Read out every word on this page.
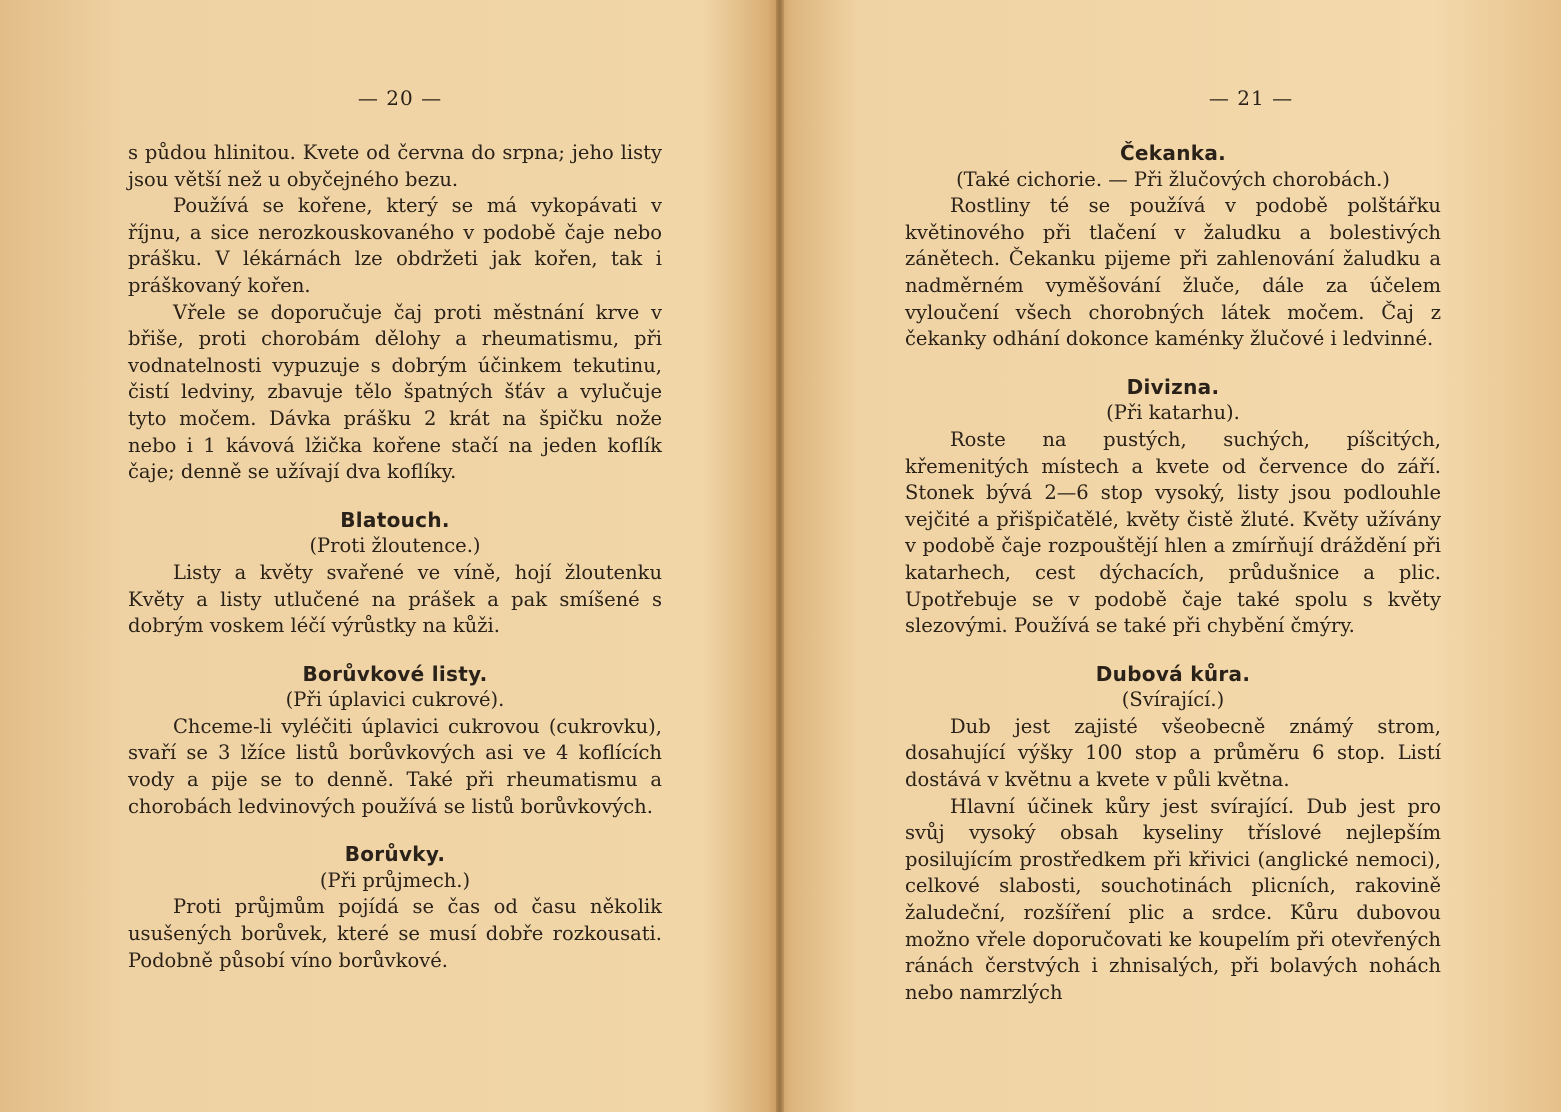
— 20 —

s půdou hlinitou. Kvete od června do srpna; jeho listy jsou větší než u obyčejného bezu.

Používá se kořene, který se má vykopávati v říjnu, a sice nerozkouskovaného v podobě čaje nebo prášku. V lékárnách lze obdržeti jak kořen, tak i práškovaný kořen.

Vřele se doporučuje čaj proti městnání krve v břiše, proti chorobám dělohy a rheumatismu, při vodnatelnosti vypuzuje s dobrým účinkem tekutinu, čistí ledviny, zbavuje tělo špatných šťáv a vylučuje tyto močem. Dávka prášku 2 krát na špičku nože nebo i 1 kávová lžička kořene stačí na jeden koflík čaje; denně se užívají dva koflíky.

Blatouch.

(Proti žloutence.)

Listy a květy svařené ve víně, hojí žloutenku Květy a listy utlučené na prášek a pak smíšené s dobrým voskem léčí výrůstky na kůži.

Borůvkové listy.

(Při úplavici cukrové).

Chceme-li vyléčiti úplavici cukrovou (cukrovku), svaří se 3 lžíce listů borůvkových asi ve 4 koflících vody a pije se to denně. Také při rheumatismu a chorobách ledvinových používá se listů borůvkových.

Borůvky.

(Při průjmech.)

Proti průjmům pojídá se čas od času několik usušených borůvek, které se musí dobře rozkousati. Podobně působí víno borůvkové.

— 21 —
Čekanka.

(Také cichorie. — Při žlučových chorobách.)

Rostliny té se používá v podobě polštářku květinového při tlačení v žaludku a bolestivých zánětech. Čekanku pijeme při zahlenování žaludku a nadměrném vyměšování žluče, dále za účelem vyloučení všech chorobných látek močem. Čaj z čekanky odhání dokonce kaménky žlučové i ledvinné.

Divizna.

(Při katarhu).

Roste na pustých, suchých, píšcitých, křemenitých místech a kvete od července do září. Stonek bývá 2—6 stop vysoký, listy jsou podlouhle vejčité a přišpičatělé, květy čistě žluté. Květy užívány v podobě čaje rozpouštějí hlen a zmírňují dráždění při katarhech, cest dýchacích, průdušnice a plic. Upotřebuje se v podobě čaje také spolu s květy slezovými. Používá se také při chybění čmýry.

Dubová kůra.

(Svírající.)

Dub jest zajisté všeobecně známý strom, dosahující výšky 100 stop a průměru 6 stop. Listí dostává v květnu a kvete v půli května.

Hlavní účinek kůry jest svírající. Dub jest pro svůj vysoký obsah kyseliny tříslové nejlepším posilujícím prostředkem při křivici (anglické nemoci), celkové slabosti, souchotinách plicních, rakovině žaludeční, rozšíření plic a srdce. Kůru dubovou možno vřele doporučovati ke koupelím při otevřených ránách čerstvých i zhnisalých, při bolavých nohách nebo namrzlých
